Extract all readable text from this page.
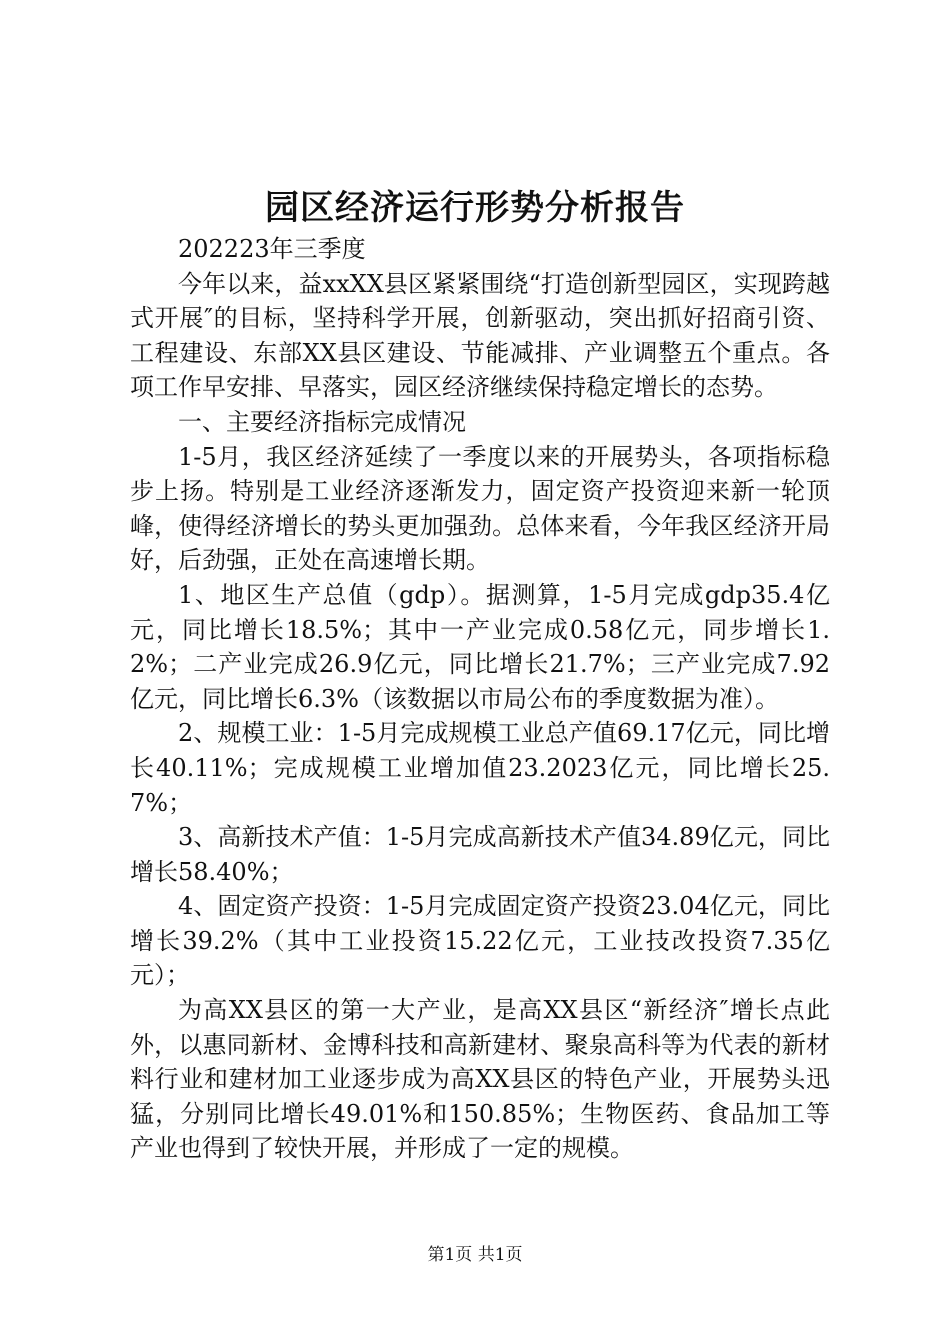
园区经济运行形势分析报告

202223年三季度

今年以来，益xxXX县区紧紧围绕“打造创新型园区，实现跨越式开展″的目标，坚持科学开展，创新驱动，突出抓好招商引资、工程建设、东部XX县区建设、节能减排、产业调整五个重点。各项工作早安排、早落实，园区经济继续保持稳定增长的态势。

一、主要经济指标完成情况

1-5月，我区经济延续了一季度以来的开展势头，各项指标稳步上扬。特别是工业经济逐渐发力，固定资产投资迎来新一轮顶峰，使得经济增长的势头更加强劲。总体来看，今年我区经济开局好，后劲强，正处在高速增长期。

1、地区生产总值（gdp）。据测算，1-5月完成gdp35.4亿元，同比增长18.5%；其中一产业完成0.58亿元，同步增长1.2%；二产业完成26.9亿元，同比增长21.7%；三产业完成7.92亿元，同比增长6.3%（该数据以市局公布的季度数据为准）。

2、规模工业：1-5月完成规模工业总产值69.17亿元，同比增长40.11%；完成规模工业增加值23.2023亿元，同比增长25.7%；

3、高新技术产值：1-5月完成高新技术产值34.89亿元，同比增长58.40%；

4、固定资产投资：1-5月完成固定资产投资23.04亿元，同比增长39.2%（其中工业投资15.22亿元，工业技改投资7.35亿元）；

为高XX县区的第一大产业，是高XX县区“新经济″增长点此外，以惠同新材、金博科技和高新建材、聚泉高科等为代表的新材料行业和建材加工业逐步成为高XX县区的特色产业，开展势头迅猛，分别同比增长49.01%和150.85%；生物医药、食品加工等产业也得到了较快开展，并形成了一定的规模。

第1页 共1页
